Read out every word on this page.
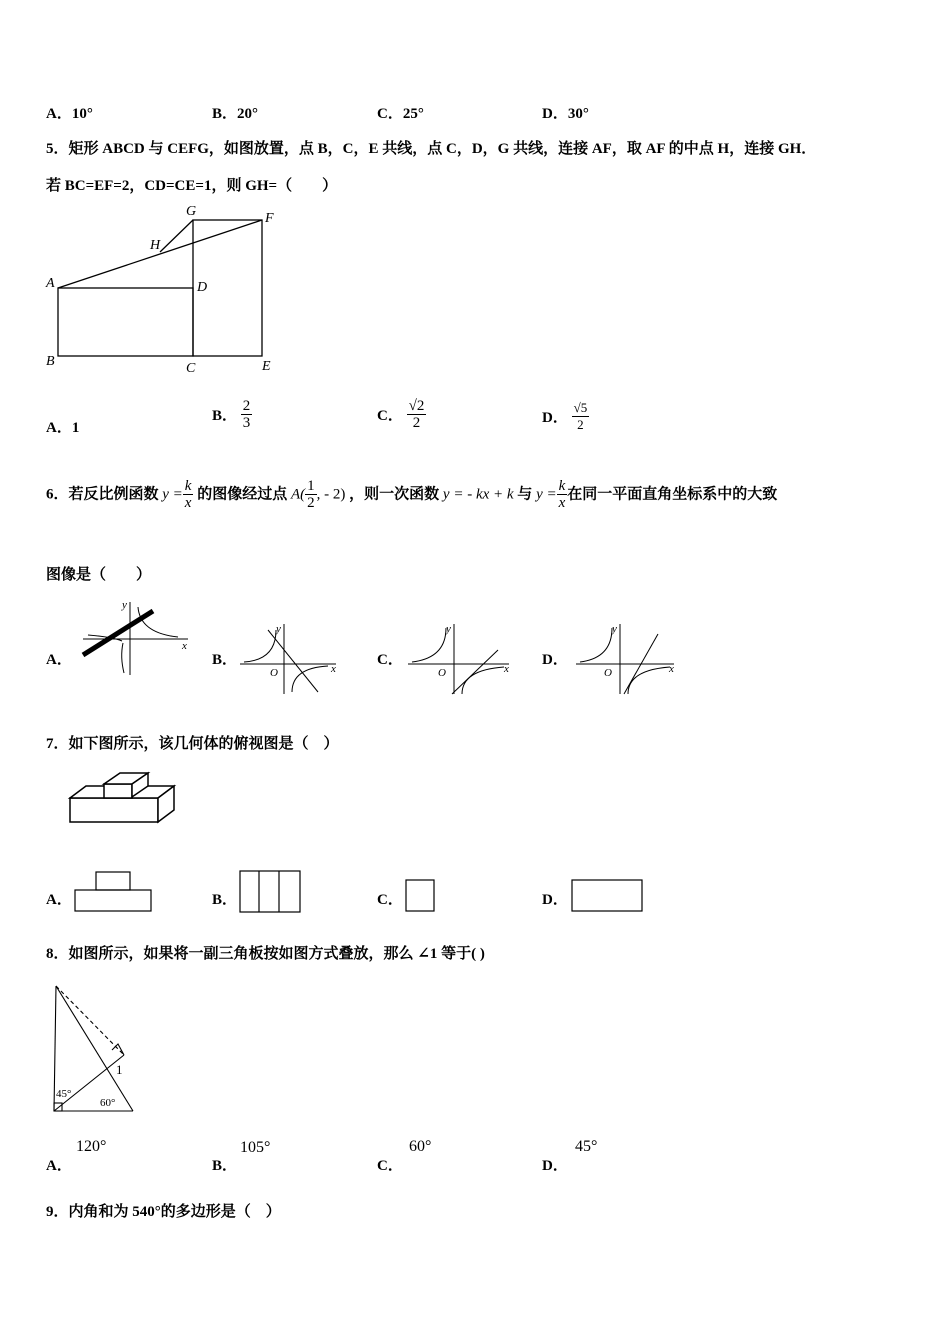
A．10°	B．20°	C．25°	D．30°
5．矩形 ABCD 与 CEFG，如图放置，点 B，C，E 共线，点 C，D，G 共线，连接 AF，取 AF 的中点 H，连接 GH．
若 BC=EF=2，CD=CE=1，则 GH=（　　）
A
B	C
D
E
F
G
H
A．1
B． $\frac{2}{3}$	C． $\frac{√2}{2}$	D． $\frac{√5}{2}$
6．若反比例函数 $y = \frac{k}{x}$ 的图像经过点 $A( \frac{1}{2}$ , - 2) ，则一次函数 y = - kx + k 与 $y = \frac{k}{x}$ 在同一平面直角坐标系中的大致
图像是（　　）
A．
x
y
B．
x
y
O
C．
x
y
O
D．
x
y
O
7．如下图所示，该几何体的俯视图是（　）
A．	B．	C．	D．
8．如图所示，如果将一副三角板按如图方式叠放，那么 ∠1 等于( )
1
45°
60°
A．
120°
B．
105°
C．
60°
D．
45°
9．内角和为 540°的多边形是（　）
